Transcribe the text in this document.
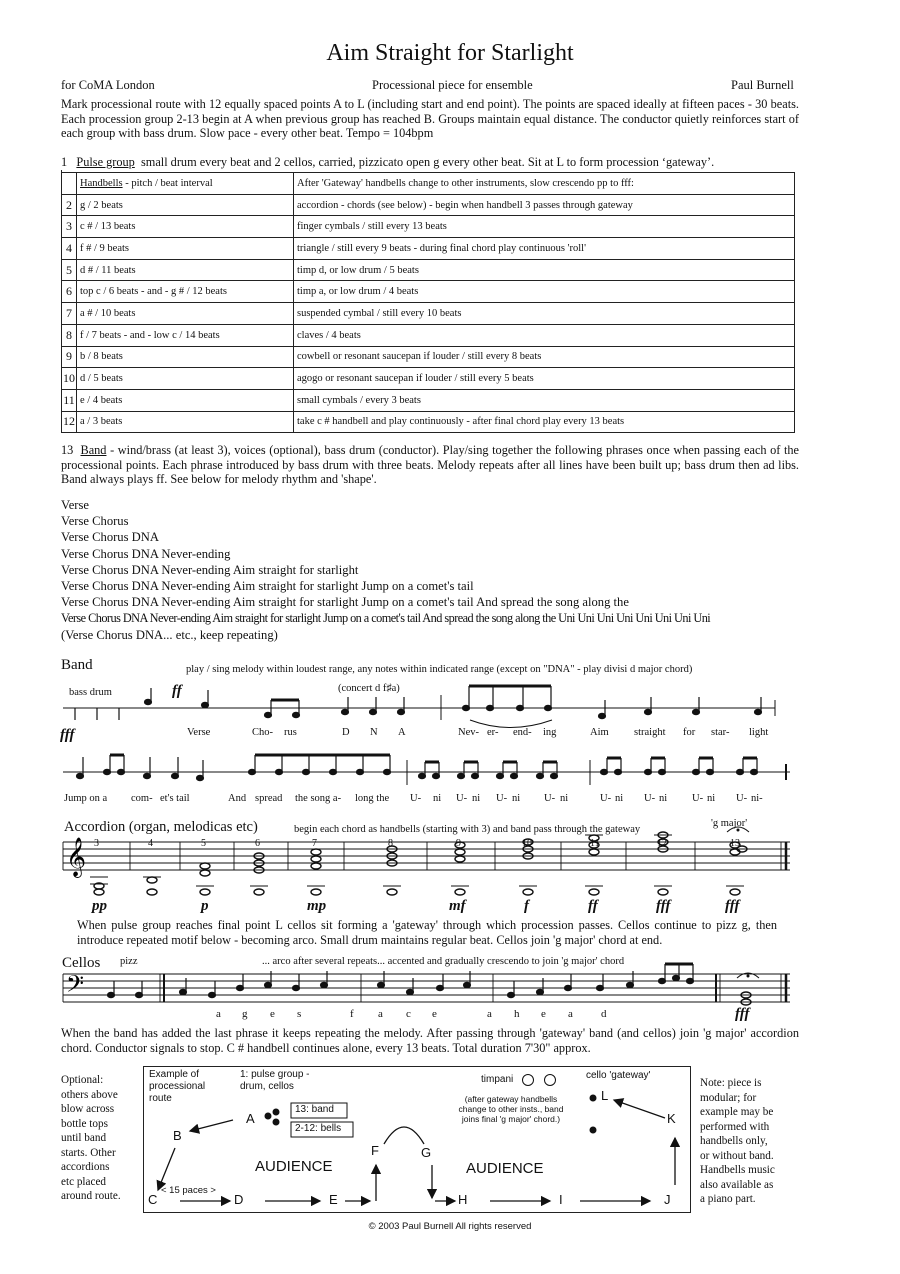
Aim Straight for Starlight
for CoMA London	Processional piece for ensemble	Paul Burnell
Mark processional route with 12 equally spaced points A to L (including start and end point). The points are spaced ideally at fifteen paces - 30 beats. Each procession group 2-13 begin at A when previous group has reached B. Groups maintain equal distance. The conductor quietly reinforces start of each group with bass drum. Slow pace - every other beat. Tempo = 104bpm
1 Pulse group small drum every beat and 2 cellos, carried, pizzicato open g every other beat. Sit at L to form procession ‘gateway’.
	Handbells - pitch / beat interval	After 'Gateway' handbells change to other instruments, slow crescendo pp to fff:
2	g / 2 beats	accordion - chords (see below) - begin when handbell 3 passes through gateway
3	c # / 13 beats	finger cymbals / still every 13 beats
4	f # / 9 beats	triangle / still every 9 beats - during final chord play continuous 'roll'
5	d # / 11 beats	timp d, or low drum / 5 beats
6	top c / 6 beats - and - g # / 12 beats	timp a, or low drum / 4 beats
7	a # / 10 beats	suspended cymbal / still every 10 beats
8	f / 7 beats - and - low c / 14 beats	claves / 4 beats
9	b / 8 beats	cowbell or resonant saucepan if louder / still every 8 beats
10	d / 5 beats	agogo or resonant saucepan if louder / still every 5 beats
11	e / 4 beats	small cymbals / every 3 beats
12	a / 3 beats	take c # handbell and play continuously - after final chord play every 13 beats
13 Band - wind/brass (at least 3), voices (optional), bass drum (conductor). Play/sing together the following phrases once when passing each of the processional points. Each phrase introduced by bass drum with three beats. Melody repeats after all lines have been built up; bass drum then ad libs. Band always plays ff. See below for melody rhythm and 'shape'.
Verse
Verse Chorus
Verse Chorus DNA
Verse Chorus DNA Never-ending
Verse Chorus DNA Never-ending Aim straight for starlight
Verse Chorus DNA Never-ending Aim straight for starlight Jump on a comet's tail
Verse Chorus DNA Never-ending Aim straight for starlight Jump on a comet's tail And spread the song along the
Verse Chorus DNA Never-ending Aim straight for starlight Jump on a comet's tail And spread the song along the Uni Uni Uni Uni Uni Uni Uni Uni
(Verse Chorus DNA... etc., keep repeating)
Band	play / sing melody within loudest range, any notes within indicated range (except on "DNA" - play divisi d major chord)
bass drum	(concert d f♯a)
ff
fff
𝄞
𝄢
Verse	Cho- rus	D N A	Nev- er- end- ing	Aim straight for star- light
Jump on a com- et's tail	And spread the song a- long the U- ni U- ni U- ni U- ni	U- ni U- ni U- ni U- ni-
Accordion (organ, melodicas etc)	begin each chord as handbells (starting with 3) and band pass through the gateway
'g major'
3	4	5	6	7	8	9	10	11	12	13
pp	p	mp	mf	f	ff	fff	fff
When pulse group reaches final point L cellos sit forming a 'gateway' through which procession passes. Cellos continue to pizz g, then introduce repeated motif below - becoming arco. Small drum maintains regular beat. Cellos join 'g major' chord at end.
Cellos pizz	... arco after several repeats... accented and gradually crescendo to join 'g major' chord
a g e s	f a c e	a h e a	d	fff
When the band has added the last phrase it keeps repeating the melody. After passing through 'gateway' band (and cellos) join 'g major' accordion chord. Conductor signals to stop. C # handbell continues alone, every 13 beats. Total duration 7'30" approx.
Optional:
others above
blow across
bottle tops
until band
starts. Other
accordions
etc placed
around route.
Note: piece is
modular; for
example may be
performed with
handbells only,
or without band.
Handbells music
also available as
a piano part.
Example of
processional
route
1: pulse group -
drum, cellos
13: band
2-12: bells
timpani	cello 'gateway'
(after gateway handbells
change to other insts., band
joins final 'g major' chord.)
AUDIENCE	AUDIENCE
< 15 paces >
A
B
C	D	E
F	G
H	I	J
K
L
© 2003 Paul Burnell All rights reserved
